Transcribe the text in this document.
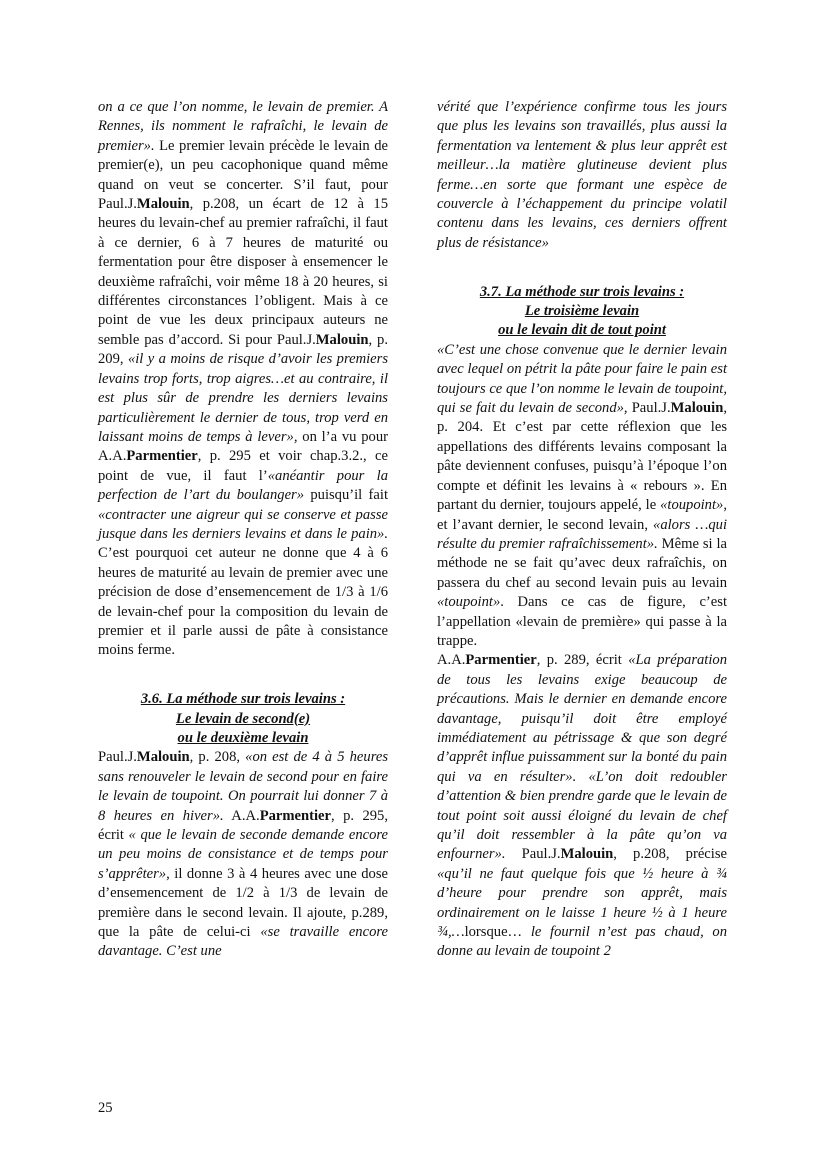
on a ce que l’on nomme, le levain de premier. A Rennes, ils nomment le rafraîchi, le levain de premier». Le premier levain précède le levain de premier(e), un peu cacophonique quand même quand on veut se concerter. S’il faut, pour Paul.J.Malouin, p.208, un écart de 12 à 15 heures du levain-chef au premier rafraîchi, il faut à ce dernier, 6 à 7 heures de maturité ou fermentation pour être disposer à ensemencer le deuxième rafraîchi, voir même 18 à 20 heures, si différentes circonstances l’obligent. Mais à ce point de vue les deux principaux auteurs ne semble pas d’accord. Si pour Paul.J.Malouin, p. 209, «il y a moins de risque d’avoir les premiers levains trop forts, trop aigres…et au contraire, il est plus sûr de prendre les derniers levains particulièrement le dernier de tous, trop verd en laissant moins de temps à lever», on l’a vu pour A.A.Parmentier, p. 295 et voir chap.3.2., ce point de vue, il faut l’«anéantir pour la perfection de l’art du boulanger» puisqu’il fait «contracter une aigreur qui se conserve et passe jusque dans les derniers levains et dans le pain». C’est pourquoi cet auteur ne donne que 4 à 6 heures de maturité au levain de premier avec une précision de dose d’ensemencement de 1/3 à 1/6 de levain-chef pour la composition du levain de premier et il parle aussi de pâte à consistance moins ferme.

3.6. La méthode sur trois levains :

Le levain de second(e)

ou le deuxième levain

Paul.J.Malouin, p. 208, «on est de 4 à 5 heures sans renouveler le levain de second pour en faire le levain de toupoint. On pourrait lui donner 7 à 8 heures en hiver». A.A.Parmentier, p. 295, écrit « que le levain de seconde demande encore un peu moins de consistance et de temps pour s’apprêter», il donne 3 à 4 heures avec une dose d’ensemencement de 1/2 à 1/3 de levain de première dans le second levain. Il ajoute, p.289, que la pâte de celui-ci «se travaille encore davantage. C’est une

vérité que l’expérience confirme tous les jours que plus les levains son travaillés, plus aussi la fermentation va lentement & plus leur apprêt est meilleur…la matière glutineuse devient plus ferme…en sorte que formant une espèce de couvercle à l’échappement du principe volatil contenu dans les levains, ces derniers offrent plus de résistance»

3.7. La méthode sur trois levains :

Le troisième levain

ou le levain dit de tout point

«C’est une chose convenue que le dernier levain avec lequel on pétrit la pâte pour faire le pain est toujours ce que l’on nomme le levain de toupoint, qui se fait du levain de second», Paul.J.Malouin, p. 204. Et c’est par cette réflexion que les appellations des différents levains composant la pâte deviennent confuses, puisqu’à l’époque l’on compte et définit les levains à « rebours ». En partant du dernier, toujours appelé, le «toupoint», et l’avant dernier, le second levain, «alors …qui résulte du premier rafraîchissement». Même si la méthode ne se fait qu’avec deux rafraîchis, on passera du chef au second levain puis au levain «toupoint». Dans ce cas de figure, c’est l’appellation «levain de première» qui passe à la trappe.

A.A.Parmentier, p. 289, écrit «La préparation de tous les levains exige beaucoup de précautions. Mais le dernier en demande encore davantage, puisqu’il doit être employé immédiatement au pétrissage & que son degré d’apprêt influe puissamment sur la bonté du pain qui va en résulter». «L’on doit redoubler d’attention & bien prendre garde que le levain de tout point soit aussi éloigné du levain de chef qu’il doit ressembler à la pâte qu’on va enfourner». Paul.J.Malouin, p.208, précise «qu’il ne faut quelque fois que ½ heure à ¾ d’heure pour prendre son apprêt, mais ordinairement on le laisse 1 heure ½ à 1 heure ¾,…lorsque… le fournil n’est pas chaud, on donne au levain de toupoint 2

25
